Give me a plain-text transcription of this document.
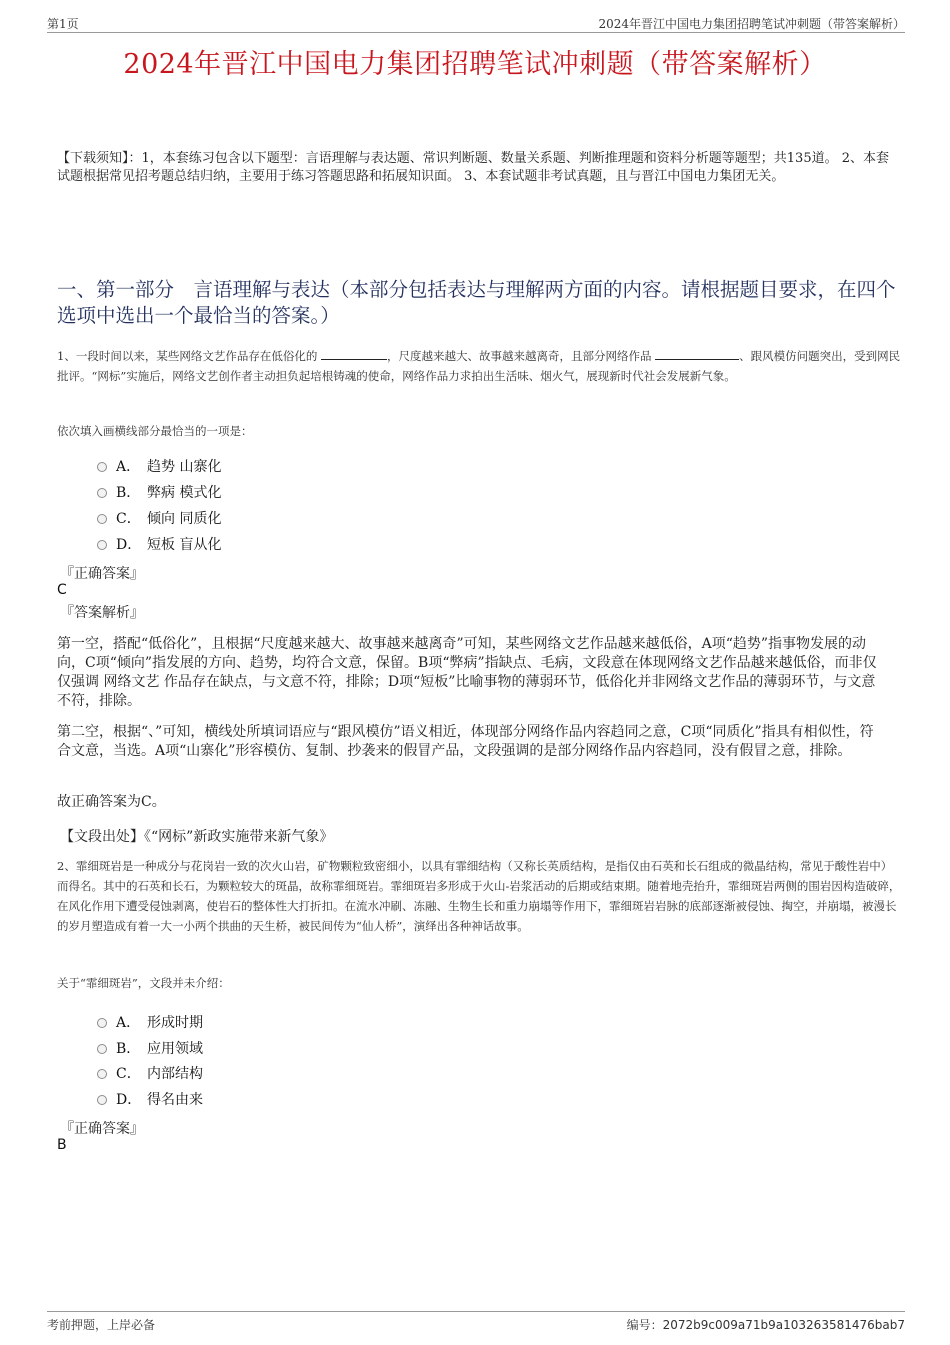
第1页	2024年晋江中国电力集团招聘笔试冲刺题（带答案解析）
2024年晋江中国电力集团招聘笔试冲刺题（带答案解析）
【下载须知】：1，本套练习包含以下题型：言语理解与表达题、常识判断题、数量关系题、判断推理题和资料分析题等题型；共135道。 2、本套试题根据常见招考题总结归纳，主要用于练习答题思路和拓展知识面。 3、本套试题非考试真题，且与晋江中国电力集团无关。
一、第一部分　言语理解与表达（本部分包括表达与理解两方面的内容。请根据题目要求，在四个选项中选出一个最恰当的答案。）
1、一段时间以来，某些网络文艺作品存在低俗化的	，尺度越来越大、故事越来越离奇，且部分网络作品	、跟风模仿问题突出，受到网民批评。“网标”实施后，网络文艺创作者主动担负起培根铸魂的使命，网络作品力求拍出生活味、烟火气，展现新时代社会发展新气象。
依次填入画横线部分最恰当的一项是：
A． 趋势 山寨化
B． 弊病 模式化
C． 倾向 同质化
D． 短板 盲从化
『正确答案』
C
『答案解析』
第一空，搭配“低俗化”，且根据“尺度越来越大、故事越来越离奇”可知，某些网络文艺作品越来越低俗，A项“趋势”指事物发展的动向，C项“倾向”指发展的方向、趋势，均符合文意，保留。B项“弊病”指缺点、毛病，文段意在体现网络文艺作品越来越低俗，而非仅仅强调 网络文艺 作品存在缺点，与文意不符，排除；D项“短板”比喻事物的薄弱环节，低俗化并非网络文艺作品的薄弱环节，与文意不符，排除。
第二空，根据“、”可知，横线处所填词语应与“跟风模仿”语义相近，体现部分网络作品内容趋同之意，C项“同质化”指具有相似性，符合文意，当选。A项“山寨化”形容模仿、复制、抄袭来的假冒产品，文段强调的是部分网络作品内容趋同，没有假冒之意，排除。
故正确答案为C。
【文段出处】《“网标”新政实施带来新气象》
2、霏细斑岩是一种成分与花岗岩一致的次火山岩，矿物颗粒致密细小，以具有霏细结构（又称长英质结构，是指仅由石英和长石组成的微晶结构，常见于酸性岩中）而得名。其中的石英和长石，为颗粒较大的斑晶，故称霏细斑岩。霏细斑岩多形成于火山-岩浆活动的后期或结束期。随着地壳抬升，霏细斑岩两侧的围岩因构造破碎，在风化作用下遭受侵蚀剥离，使岩石的整体性大打折扣。在流水冲刷、冻融、生物生长和重力崩塌等作用下，霏细斑岩岩脉的底部逐渐被侵蚀、掏空，并崩塌，被漫长的岁月塑造成有着一大一小两个拱曲的天生桥，被民间传为“仙人桥”，演绎出各种神话故事。
关于“霏细斑岩”，文段并未介绍：
A． 形成时期
B． 应用领域
C． 内部结构
D． 得名由来
『正确答案』
B
考前押题，上岸必备	编号：2072b9c009a71b9a103263581476bab7
